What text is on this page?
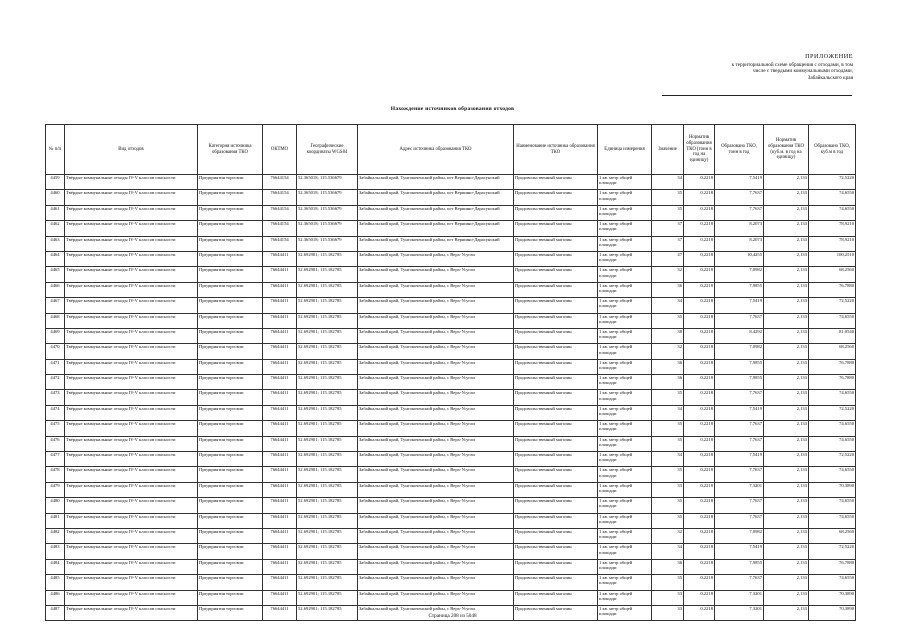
ПРИЛОЖЕНИЕ
к территориальной схеме обращения с отходами, в том
числе с твердыми коммунальными отходами,
Забайкальского края
Нахождение источников образования отходов
№ п/п	Вид отходов	Категория источника образования ТКО	ОКТМО	Географические координаты WGS84	Адрес источника образования ТКО	Наименование источника образования ТКО	Единица измерения	Значение	Норматив образования ТКО (тонн в год на единицу)	Образовано ТКО, тонн в год	Норматив образования ТКО (куб.м. в год на единицу)	Образовано ТКО, куб.м в год
4459	Твёрдые коммунальные отходы IV-V классов опасности	Предприятия торговли	76644154	52.365018; 115.536679	Забайкальский край, Тунгокоченский район, пгт Вершино-Дарасунский	Продовольственный магазин	1 кв. метр общей площади	34	0,2218	7,5419	2,133	72,5220
4460	Твёрдые коммунальные отходы IV-V классов опасности	Предприятия торговли	76644154	52.365018; 115.536679	Забайкальский край, Тунгокоченский район, пгт Вершино-Дарасунский	Продовольственный магазин	1 кв. метр общей площади	35	0,2218	7,7637	2,133	74,6550
4461	Твёрдые коммунальные отходы IV-V классов опасности	Предприятия торговли	76644154	52.365018; 115.536679	Забайкальский край, Тунгокоченский район, пгт Вершино-Дарасунский	Продовольственный магазин	1 кв. метр общей площади	35	0,2218	7,7637	2,133	74,6550
4462	Твёрдые коммунальные отходы IV-V классов опасности	Предприятия торговли	76644154	52.365018; 115.536679	Забайкальский край, Тунгокоченский район, пгт Вершино-Дарасунский	Продовольственный магазин	1 кв. метр общей площади	37	0,2218	8,2073	2,133	78,9210
4463	Твёрдые коммунальные отходы IV-V классов опасности	Предприятия торговли	76644154	52.365018; 115.536679	Забайкальский край, Тунгокоченский район, пгт Вершино-Дарасунский	Продовольственный магазин	1 кв. метр общей площади	37	0,2218	8,2073	2,133	78,9210
4464	Твёрдые коммунальные отходы IV-V классов опасности	Предприятия торговли	76644411	52.692901; 115.182785	Забайкальский край, Тунгокоченский район, с Верх-Усугли	Продовольственный магазин	1 кв. метр общей площади	47	0,2218	10,4255	2,133	100,2510
4465	Твёрдые коммунальные отходы IV-V классов опасности	Предприятия торговли	76644411	52.692901; 115.182785	Забайкальский край, Тунгокоченский район, с Верх-Усугли	Продовольственный магазин	1 кв. метр общей площади	32	0,2218	7,0982	2,133	68,2560
4466	Твёрдые коммунальные отходы IV-V классов опасности	Предприятия торговли	76644411	52.692901; 115.182785	Забайкальский край, Тунгокоченский район, с Верх-Усугли	Продовольственный магазин	1 кв. метр общей площади	36	0,2218	7,9855	2,133	76,7880
4467	Твёрдые коммунальные отходы IV-V классов опасности	Предприятия торговли	76644411	52.692901; 115.182785	Забайкальский край, Тунгокоченский район, с Верх-Усугли	Продовольственный магазин	1 кв. метр общей площади	34	0,2218	7,5419	2,133	72,5220
4468	Твёрдые коммунальные отходы IV-V классов опасности	Предприятия торговли	76644411	52.692901; 115.182785	Забайкальский край, Тунгокоченский район, с Верх-Усугли	Продовольственный магазин	1 кв. метр общей площади	35	0,2218	7,7637	2,133	74,6550
4469	Твёрдые коммунальные отходы IV-V классов опасности	Предприятия торговли	76644411	52.692901; 115.182785	Забайкальский край, Тунгокоченский район, с Верх-Усугли	Продовольственный магазин	1 кв. метр общей площади	38	0,2218	8,4292	2,133	81,0540
4470	Твёрдые коммунальные отходы IV-V классов опасности	Предприятия торговли	76644411	52.692901; 115.182785	Забайкальский край, Тунгокоченский район, с Верх-Усугли	Продовольственный магазин	1 кв. метр общей площади	32	0,2218	7,0982	2,133	68,2560
4471	Твёрдые коммунальные отходы IV-V классов опасности	Предприятия торговли	76644411	52.692901; 115.182785	Забайкальский край, Тунгокоченский район, с Верх-Усугли	Продовольственный магазин	1 кв. метр общей площади	36	0,2218	7,9855	2,133	76,7880
4472	Твёрдые коммунальные отходы IV-V классов опасности	Предприятия торговли	76644411	52.692901; 115.182785	Забайкальский край, Тунгокоченский район, с Верх-Усугли	Продовольственный магазин	1 кв. метр общей площади	36	0,2218	7,9855	2,133	76,7880
4473	Твёрдые коммунальные отходы IV-V классов опасности	Предприятия торговли	76644411	52.692901; 115.182785	Забайкальский край, Тунгокоченский район, с Верх-Усугли	Продовольственный магазин	1 кв. метр общей площади	35	0,2218	7,7637	2,133	74,6550
4474	Твёрдые коммунальные отходы IV-V классов опасности	Предприятия торговли	76644411	52.692901; 115.182785	Забайкальский край, Тунгокоченский район, с Верх-Усугли	Продовольственный магазин	1 кв. метр общей площади	34	0,2218	7,5419	2,133	72,5220
4475	Твёрдые коммунальные отходы IV-V классов опасности	Предприятия торговли	76644411	52.692901; 115.182785	Забайкальский край, Тунгокоченский район, с Верх-Усугли	Продовольственный магазин	1 кв. метр общей площади	35	0,2218	7,7637	2,133	74,6550
4476	Твёрдые коммунальные отходы IV-V классов опасности	Предприятия торговли	76644411	52.692901; 115.182785	Забайкальский край, Тунгокоченский район, с Верх-Усугли	Продовольственный магазин	1 кв. метр общей площади	35	0,2218	7,7637	2,133	74,6550
4477	Твёрдые коммунальные отходы IV-V классов опасности	Предприятия торговли	76644411	52.692901; 115.182785	Забайкальский край, Тунгокоченский район, с Верх-Усугли	Продовольственный магазин	1 кв. метр общей площади	34	0,2218	7,5419	2,133	72,5220
4478	Твёрдые коммунальные отходы IV-V классов опасности	Предприятия торговли	76644411	52.692901; 115.182785	Забайкальский край, Тунгокоченский район, с Верх-Усугли	Продовольственный магазин	1 кв. метр общей площади	35	0,2218	7,7637	2,133	74,6550
4479	Твёрдые коммунальные отходы IV-V классов опасности	Предприятия торговли	76644411	52.692901; 115.182785	Забайкальский край, Тунгокоченский район, с Верх-Усугли	Продовольственный магазин	1 кв. метр общей площади	33	0,2218	7,3201	2,133	70,3890
4480	Твёрдые коммунальные отходы IV-V классов опасности	Предприятия торговли	76644411	52.692901; 115.182785	Забайкальский край, Тунгокоченский район, с Верх-Усугли	Продовольственный магазин	1 кв. метр общей площади	35	0,2218	7,7637	2,133	74,6550
4481	Твёрдые коммунальные отходы IV-V классов опасности	Предприятия торговли	76644411	52.692901; 115.182785	Забайкальский край, Тунгокоченский район, с Верх-Усугли	Продовольственный магазин	1 кв. метр общей площади	35	0,2218	7,7637	2,133	74,6550
4482	Твёрдые коммунальные отходы IV-V классов опасности	Предприятия торговли	76644411	52.692901; 115.182785	Забайкальский край, Тунгокоченский район, с Верх-Усугли	Продовольственный магазин	1 кв. метр общей площади	32	0,2218	7,0982	2,133	68,2560
4483	Твёрдые коммунальные отходы IV-V классов опасности	Предприятия торговли	76644411	52.692901; 115.182785	Забайкальский край, Тунгокоченский район, с Верх-Усугли	Продовольственный магазин	1 кв. метр общей площади	34	0,2218	7,5419	2,133	72,5220
4484	Твёрдые коммунальные отходы IV-V классов опасности	Предприятия торговли	76644411	52.692901; 115.182785	Забайкальский край, Тунгокоченский район, с Верх-Усугли	Продовольственный магазин	1 кв. метр общей площади	36	0,2218	7,9855	2,133	76,7880
4485	Твёрдые коммунальные отходы IV-V классов опасности	Предприятия торговли	76644411	52.692901; 115.182785	Забайкальский край, Тунгокоченский район, с Верх-Усугли	Продовольственный магазин	1 кв. метр общей площади	35	0,2218	7,7637	2,133	74,6550
4486	Твёрдые коммунальные отходы IV-V классов опасности	Предприятия торговли	76644411	52.692901; 115.182785	Забайкальский край, Тунгокоченский район, с Верх-Усугли	Продовольственный магазин	1 кв. метр общей площади	33	0,2218	7,3201	2,133	70,3890
4487	Твёрдые коммунальные отходы IV-V классов опасности	Предприятия торговли	76644411	52.692901; 115.182785	Забайкальский край, Тунгокоченский район, с Верх-Усугли	Продовольственный магазин	1 кв. метр общей площади	33	0,2218	7,3201	2,133	70,3890
Страница 208 из 5048
